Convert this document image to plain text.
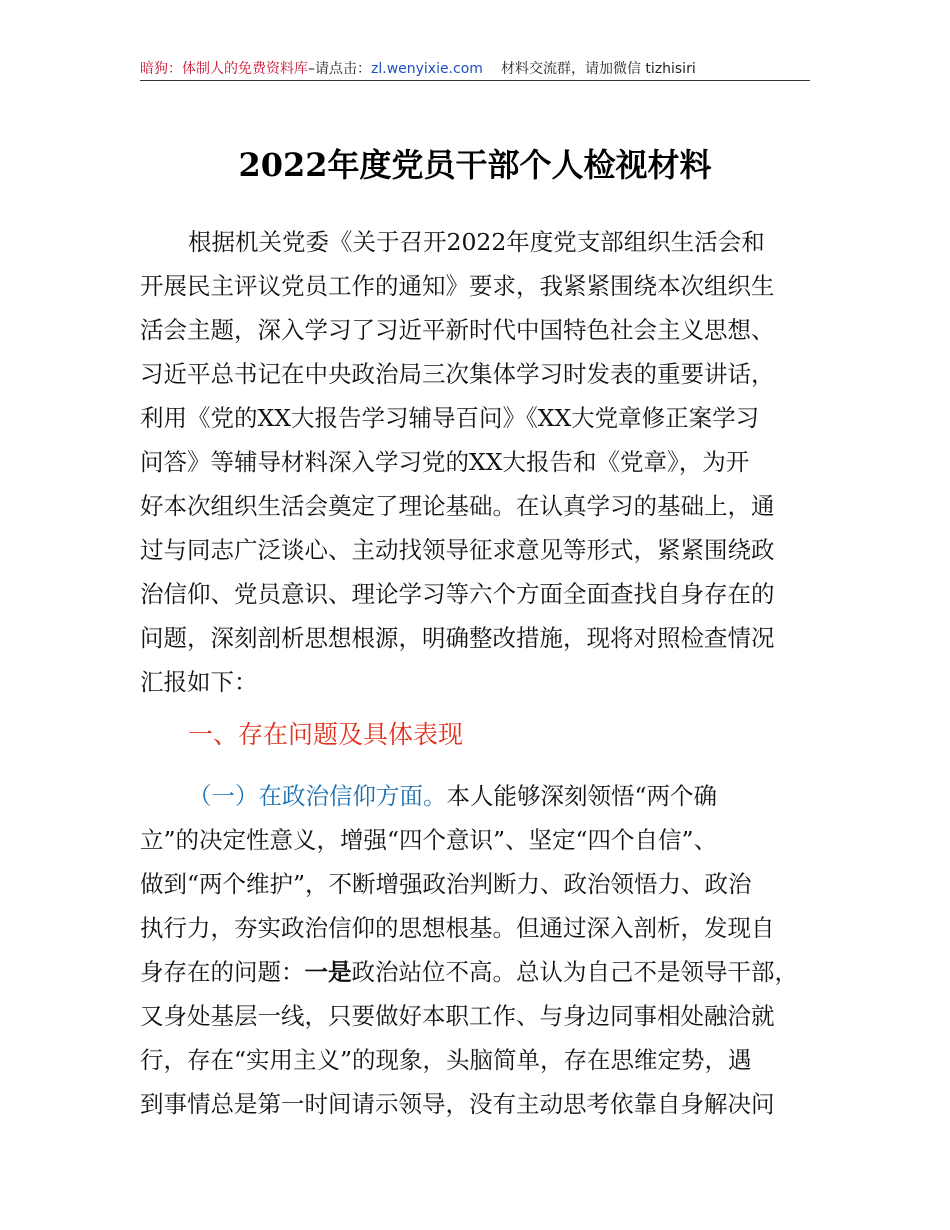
暗狗：体制人的免费资料库–请点击：zl.wenyixie.com 材料交流群，请加微信 tizhisiri
2022年度党员干部个人检视材料
根据机关党委《关于召开2022年度党支部组织生活会和
开展民主评议党员工作的通知》要求，我紧紧围绕本次组织生
活会主题，深入学习了习近平新时代中国特色社会主义思想、
习近平总书记在中央政治局三次集体学习时发表的重要讲话，
利用《党的XX大报告学习辅导百问》《XX大党章修正案学习
问答》等辅导材料深入学习党的XX大报告和《党章》，为开
好本次组织生活会奠定了理论基础。在认真学习的基础上，通
过与同志广泛谈心、主动找领导征求意见等形式，紧紧围绕政
治信仰、党员意识、理论学习等六个方面全面查找自身存在的
问题，深刻剖析思想根源，明确整改措施，现将对照检查情况
汇报如下：
一、存在问题及具体表现
（一）在政治信仰方面。本人能够深刻领悟“两个确
立”的决定性意义，增强“四个意识”、坚定“四个自信”、
做到“两个维护”，不断增强政治判断力、政治领悟力、政治
执行力，夯实政治信仰的思想根基。但通过深入剖析，发现自
身存在的问题：一是政治站位不高。总认为自己不是领导干部，
又身处基层一线，只要做好本职工作、与身边同事相处融洽就
行，存在“实用主义”的现象，头脑简单，存在思维定势，遇
到事情总是第一时间请示领导，没有主动思考依靠自身解决问
